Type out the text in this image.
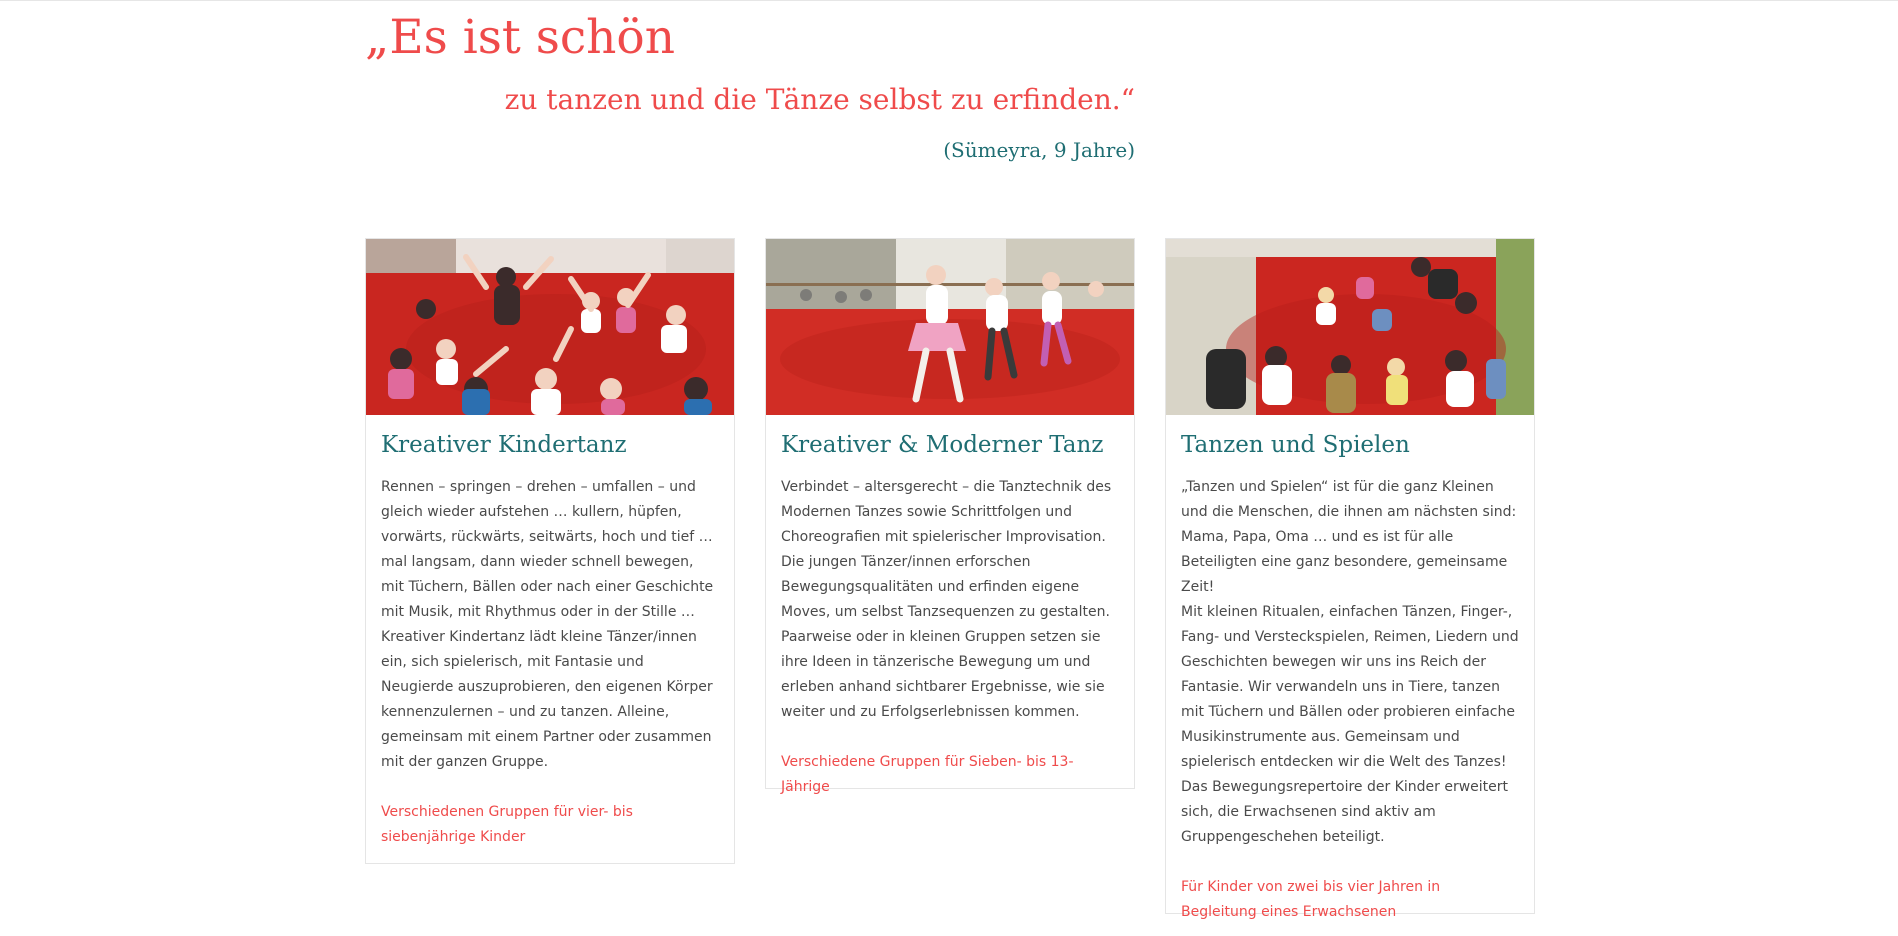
„Es ist schön
zu tanzen und die Tänze selbst zu erfinden.“
(Sümeyra, 9 Jahre)
Kreativer Kindertanz

Rennen – springen – drehen – umfallen – und gleich wieder aufstehen … kullern, hüpfen, vorwärts, rückwärts, seitwärts, hoch und tief … mal langsam, dann wieder schnell bewegen, mit Tüchern, Bällen oder nach einer Geschichte mit Musik, mit Rhythmus oder in der Stille …

Kreativer Kindertanz lädt kleine Tänzer/innen ein, sich spielerisch, mit Fantasie und Neugierde auszuprobieren, den eigenen Körper kennenzulernen – und zu tanzen. Alleine, gemeinsam mit einem Partner oder zusammen mit der ganzen Gruppe.

Verschiedenen Gruppen für vier- bis siebenjährige Kinder
Kreativer & Moderner Tanz

Verbindet – altersgerecht – die Tanztechnik des Modernen Tanzes sowie Schrittfolgen und Choreografien mit spielerischer Improvisation.

Die jungen Tänzer/innen erforschen Bewegungsqualitäten und erfinden eigene Moves, um selbst Tanzsequenzen zu gestalten. Paarweise oder in kleinen Gruppen setzen sie ihre Ideen in tänzerische Bewegung um und erleben anhand sichtbarer Ergebnisse, wie sie weiter und zu Erfolgserlebnissen kommen.

Verschiedene Gruppen für Sieben- bis 13-Jährige
Tanzen und Spielen

„Tanzen und Spielen“ ist für die ganz Kleinen und die Menschen, die ihnen am nächsten sind: Mama, Papa, Oma … und es ist für alle Beteiligten eine ganz besondere, gemeinsame Zeit!

Mit kleinen Ritualen, einfachen Tänzen, Finger-, Fang- und Versteckspielen, Reimen, Liedern und Geschichten bewegen wir uns ins Reich der Fantasie. Wir verwandeln uns in Tiere, tanzen mit Tüchern und Bällen oder probieren einfache Musikinstrumente aus. Gemeinsam und spielerisch entdecken wir die Welt des Tanzes!

Das Bewegungsrepertoire der Kinder erweitert sich, die Erwachsenen sind aktiv am Gruppengeschehen beteiligt.

Für Kinder von zwei bis vier Jahren in Begleitung eines Erwachsenen
